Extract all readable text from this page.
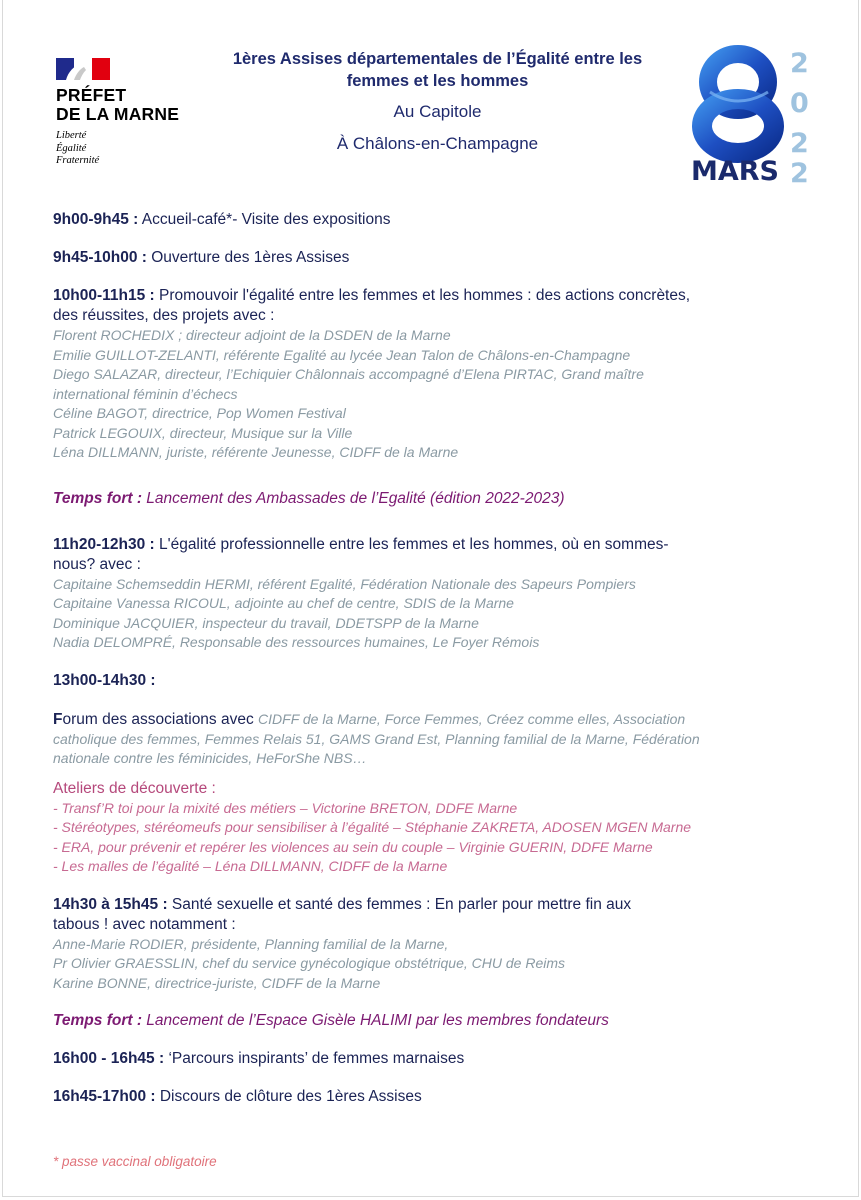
PRÉFET
DE LA MARNE
Liberté
Égalité
Fraternité
1ères Assises départementales de l’Égalité entre les
femmes et les hommes
Au Capitole
À Châlons-en-Champagne
MARS
2
0
2
2

9h00-9h45 : Accueil-café*- Visite des expositions

9h45-10h00 : Ouverture des 1ères Assises

10h00-11h15 : Promouvoir l'égalité entre les femmes et les hommes : des actions concrètes,
des réussites, des projets avec :
Florent ROCHEDIX ; directeur adjoint de la DSDEN de la Marne
Emilie GUILLOT-ZELANTI, référente Egalité au lycée Jean Talon de Châlons-en-Champagne
Diego SALAZAR, directeur, l’Echiquier Châlonnais accompagné d’Elena PIRTAC, Grand maître
international féminin d’échecs
Céline BAGOT, directrice, Pop Women Festival
Patrick LEGOUIX, directeur, Musique sur la Ville
Léna DILLMANN, juriste, référente Jeunesse, CIDFF de la Marne

Temps fort : Lancement des Ambassades de l’Egalité (édition 2022-2023)

11h20-12h30 : L'égalité professionnelle entre les femmes et les hommes, où en sommes-
nous? avec :
Capitaine Schemseddin HERMI, référent Egalité, Fédération Nationale des Sapeurs Pompiers
Capitaine Vanessa RICOUL, adjointe au chef de centre, SDIS de la Marne
Dominique JACQUIER, inspecteur du travail, DDETSPP de la Marne
Nadia DELOMPRÉ, Responsable des ressources humaines, Le Foyer Rémois
13h00-14h30 :
Forum des associations avec CIDFF de la Marne, Force Femmes, Créez comme elles, Association
catholique des femmes, Femmes Relais 51, GAMS Grand Est, Planning familial de la Marne, Fédération
nationale contre les féminicides, HeForShe NBS…
Ateliers de découverte :
- Transf’R toi pour la mixité des métiers – Victorine BRETON, DDFE Marne
- Stéréotypes, stéréomeufs pour sensibiliser à l’égalité – Stéphanie ZAKRETA, ADOSEN MGEN Marne
- ERA, pour prévenir et repérer les violences au sein du couple – Virginie GUERIN, DDFE Marne
- Les malles de l’égalité – Léna DILLMANN, CIDFF de la Marne
14h30 à 15h45 : Santé sexuelle et santé des femmes : En parler pour mettre fin aux
tabous ! avec notamment :
Anne-Marie RODIER, présidente, Planning familial de la Marne,
Pr Olivier GRAESSLIN, chef du service gynécologique obstétrique, CHU de Reims
Karine BONNE, directrice-juriste, CIDFF de la Marne

Temps fort : Lancement de l’Espace Gisèle HALIMI par les membres fondateurs

16h00 - 16h45 : ‘Parcours inspirants’ de femmes marnaises

16h45-17h00 : Discours de clôture des 1ères Assises

* passe vaccinal obligatoire
